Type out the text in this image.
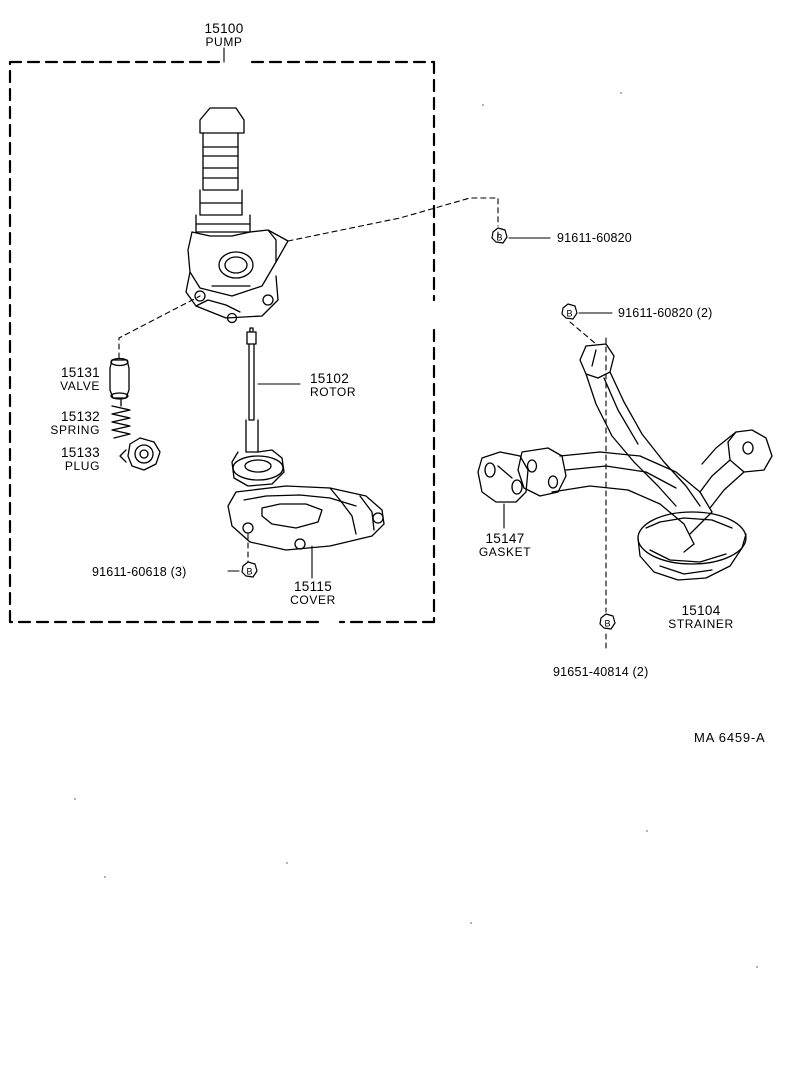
B
B
B
B
15100
PUMP
91611-60820
91611-60820 (2)
15131
VALVE
15132
SPRING
15133
PLUG
15102
ROTOR
91611-60618 (3)
15115
COVER
15147
GASKET
15104
STRAINER
91651-40814 (2)
MA 6459-A
